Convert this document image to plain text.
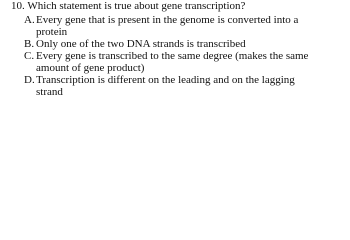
10. Which statement is true about gene transcription?
A. Every gene that is present in the genome is converted into a
protein
B. Only one of the two DNA strands is transcribed
C. Every gene is transcribed to the same degree (makes the same
amount of gene product)
D. Transcription is different on the leading and on the lagging
strand
